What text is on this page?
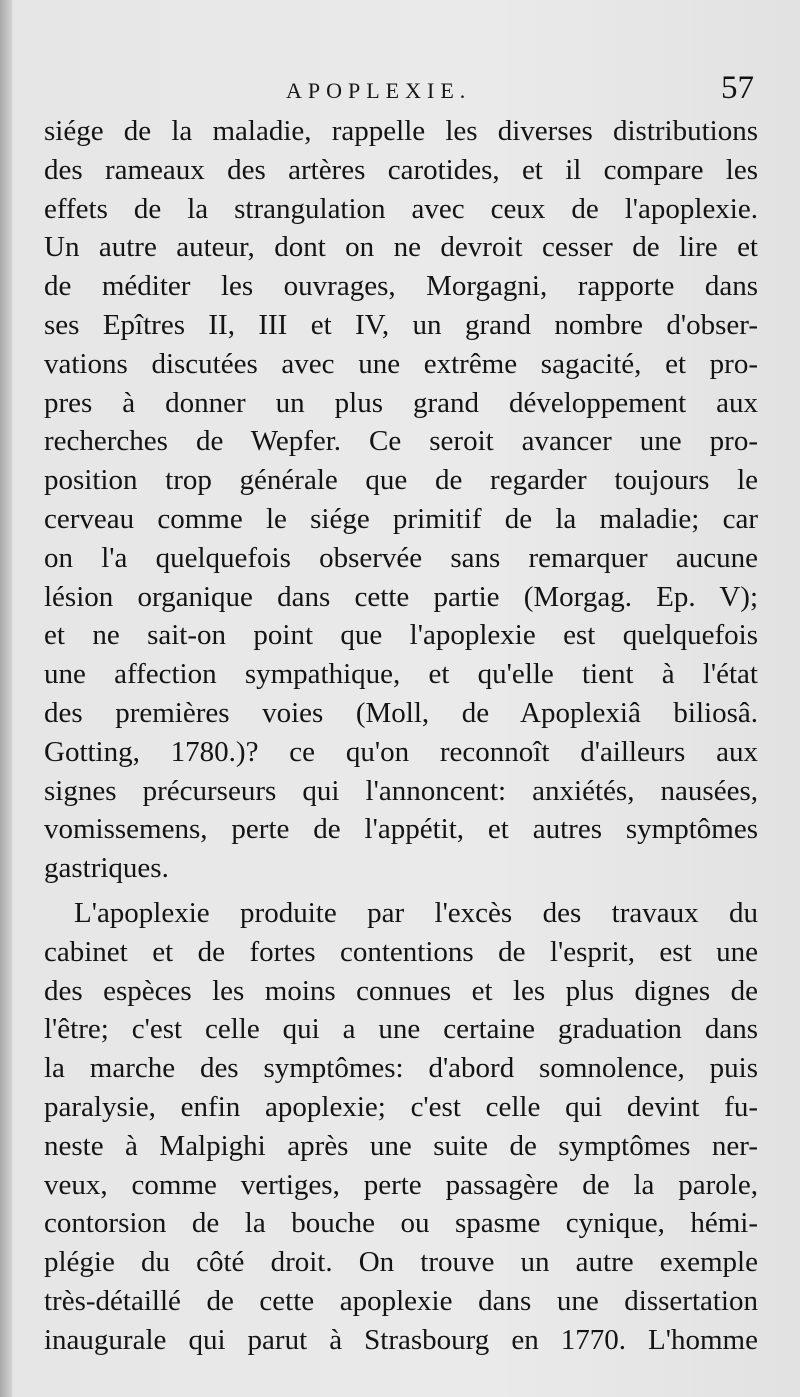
APOPLEXIE.	57
siége de la maladie, rappelle les diverses distributions
des rameaux des artères carotides, et il compare les
effets de la strangulation avec ceux de l'apoplexie.
Un autre auteur, dont on ne devroit cesser de lire et
de méditer les ouvrages, Morgagni, rapporte dans
ses Epîtres II, III et IV, un grand nombre d'obser-
vations discutées avec une extrême sagacité, et pro-
pres à donner un plus grand développement aux
recherches de Wepfer. Ce seroit avancer une pro-
position trop générale que de regarder toujours le
cerveau comme le siége primitif de la maladie; car
on l'a quelquefois observée sans remarquer aucune
lésion organique dans cette partie (Morgag. Ep. V);
et ne sait-on point que l'apoplexie est quelquefois
une affection sympathique, et qu'elle tient à l'état
des premières voies (Moll, de Apoplexiâ biliosâ.
Gotting, 1780.)? ce qu'on reconnoît d'ailleurs aux
signes précurseurs qui l'annoncent: anxiétés, nausées,
vomissemens, perte de l'appétit, et autres symptômes
gastriques.
L'apoplexie produite par l'excès des travaux du
cabinet et de fortes contentions de l'esprit, est une
des espèces les moins connues et les plus dignes de
l'être; c'est celle qui a une certaine graduation dans
la marche des symptômes: d'abord somnolence, puis
paralysie, enfin apoplexie; c'est celle qui devint fu-
neste à Malpighi après une suite de symptômes ner-
veux, comme vertiges, perte passagère de la parole,
contorsion de la bouche ou spasme cynique, hémi-
plégie du côté droit. On trouve un autre exemple
très-détaillé de cette apoplexie dans une dissertation
inaugurale qui parut à Strasbourg en 1770. L'homme
